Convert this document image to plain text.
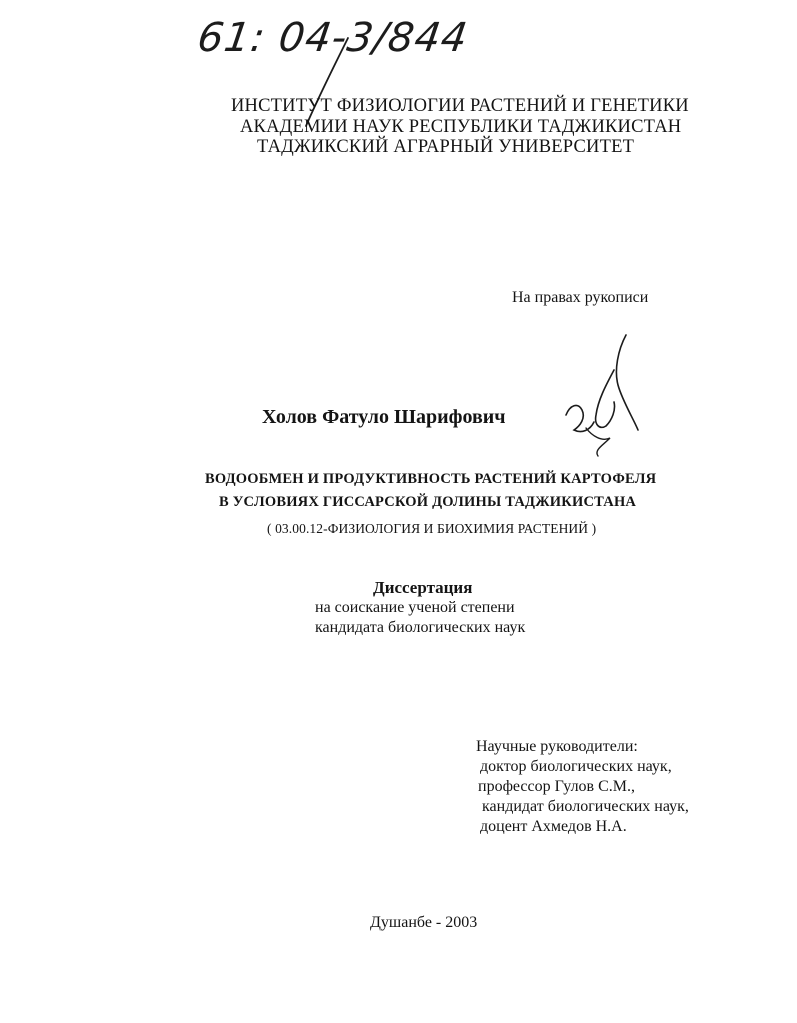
61: 04-3/844
ИНСТИТУТ ФИЗИОЛОГИИ РАСТЕНИЙ И ГЕНЕТИКИ
АКАДЕМИИ НАУК РЕСПУБЛИКИ ТАДЖИКИСТАН
ТАДЖИКСКИЙ АГРАРНЫЙ УНИВЕРСИТЕТ
На правах рукописи
Холов Фатуло Шарифович
ВОДООБМЕН И ПРОДУКТИВНОСТЬ РАСТЕНИЙ КАРТОФЕЛЯ
В УСЛОВИЯХ ГИССАРСКОЙ ДОЛИНЫ ТАДЖИКИСТАНА
( 03.00.12-ФИЗИОЛОГИЯ И БИОХИМИЯ РАСТЕНИЙ )
Диссертация
на соискание ученой степени
кандидата биологических наук
Научные руководители:
доктор биологических наук,
профессор Гулов С.М.,
кандидат биологических наук,
доцент Ахмедов Н.А.
Душанбе - 2003
